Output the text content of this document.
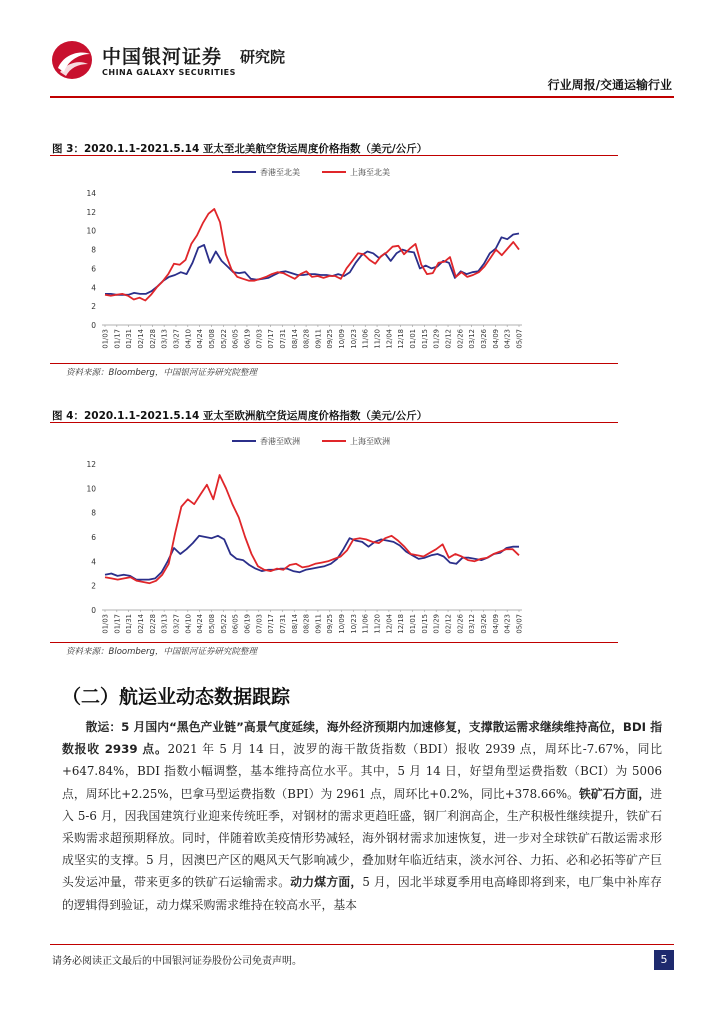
中国银河证券 研究院
CHINA GALAXY SECURITIES
行业周报/交通运输行业
图 3：2020.1.1-2021.5.14 亚太至北美航空货运周度价格指数（美元/公斤）
香港至北美	上海至北美
0
2
4
6
8
10
12
14
01/03 01/17 01/31 02/14 02/28 03/13 03/27 04/10 04/24 05/08 05/22 06/05 06/19 07/03 07/17 07/31 08/14 08/28 09/11 09/25 10/09 10/23 11/06 11/20 12/04 12/18 01/01 01/15 01/29 02/12 02/26 03/12 03/26 04/09 04/23 05/07
资料来源：Bloomberg，中国银河证券研究院整理
图 4：2020.1.1-2021.5.14 亚太至欧洲航空货运周度价格指数（美元/公斤）
香港至欧洲	上海至欧洲
0
2
4
6
8
10
12
01/03 01/17 01/31 02/14 02/28 03/13 03/27 04/10 04/24 05/08 05/22 06/05 06/19 07/03 07/17 07/31 08/14 08/28 09/11 09/25 10/09 10/23 11/06 11/20 12/04 12/18 01/01 01/15 01/29 02/12 02/26 03/12 03/26 04/09 04/23 05/07
资料来源：Bloomberg，中国银河证券研究院整理
（二）航运业动态数据跟踪
  散运：5 月国内“黑色产业链”高景气度延续，海外经济预期内加速修复，支撑散运需求继续维持高位，BDI 指数报收 2939 点。2021 年 5 月 14 日，波罗的海干散货指数（BDI）报收 2939 点，周环比-7.67%，同比+647.84%，BDI 指数小幅调整，基本维持高位水平。其中，5 月 14 日，好望角型运费指数（BCI）为 5006 点，周环比+2.25%，巴拿马型运费指数（BPI）为 2961 点，周环比+0.2%，同比+378.66%。铁矿石方面，进入 5-6 月，因我国建筑行业迎来传统旺季，对钢材的需求更趋旺盛，钢厂利润高企，生产积极性继续提升，铁矿石采购需求超预期释放。同时，伴随着欧美疫情形势减轻，海外钢材需求加速恢复，进一步对全球铁矿石散运需求形成坚实的支撑。5 月，因澳巴产区的飓风天气影响减少，叠加财年临近结束，淡水河谷、力拓、必和必拓等矿产巨头发运冲量，带来更多的铁矿石运输需求。动力煤方面，5 月，因北半球夏季用电高峰即将到来，电厂集中补库存的逻辑得到验证，动力煤采购需求维持在较高水平，基本
请务必阅读正文最后的中国银河证券股份公司免责声明。	5
